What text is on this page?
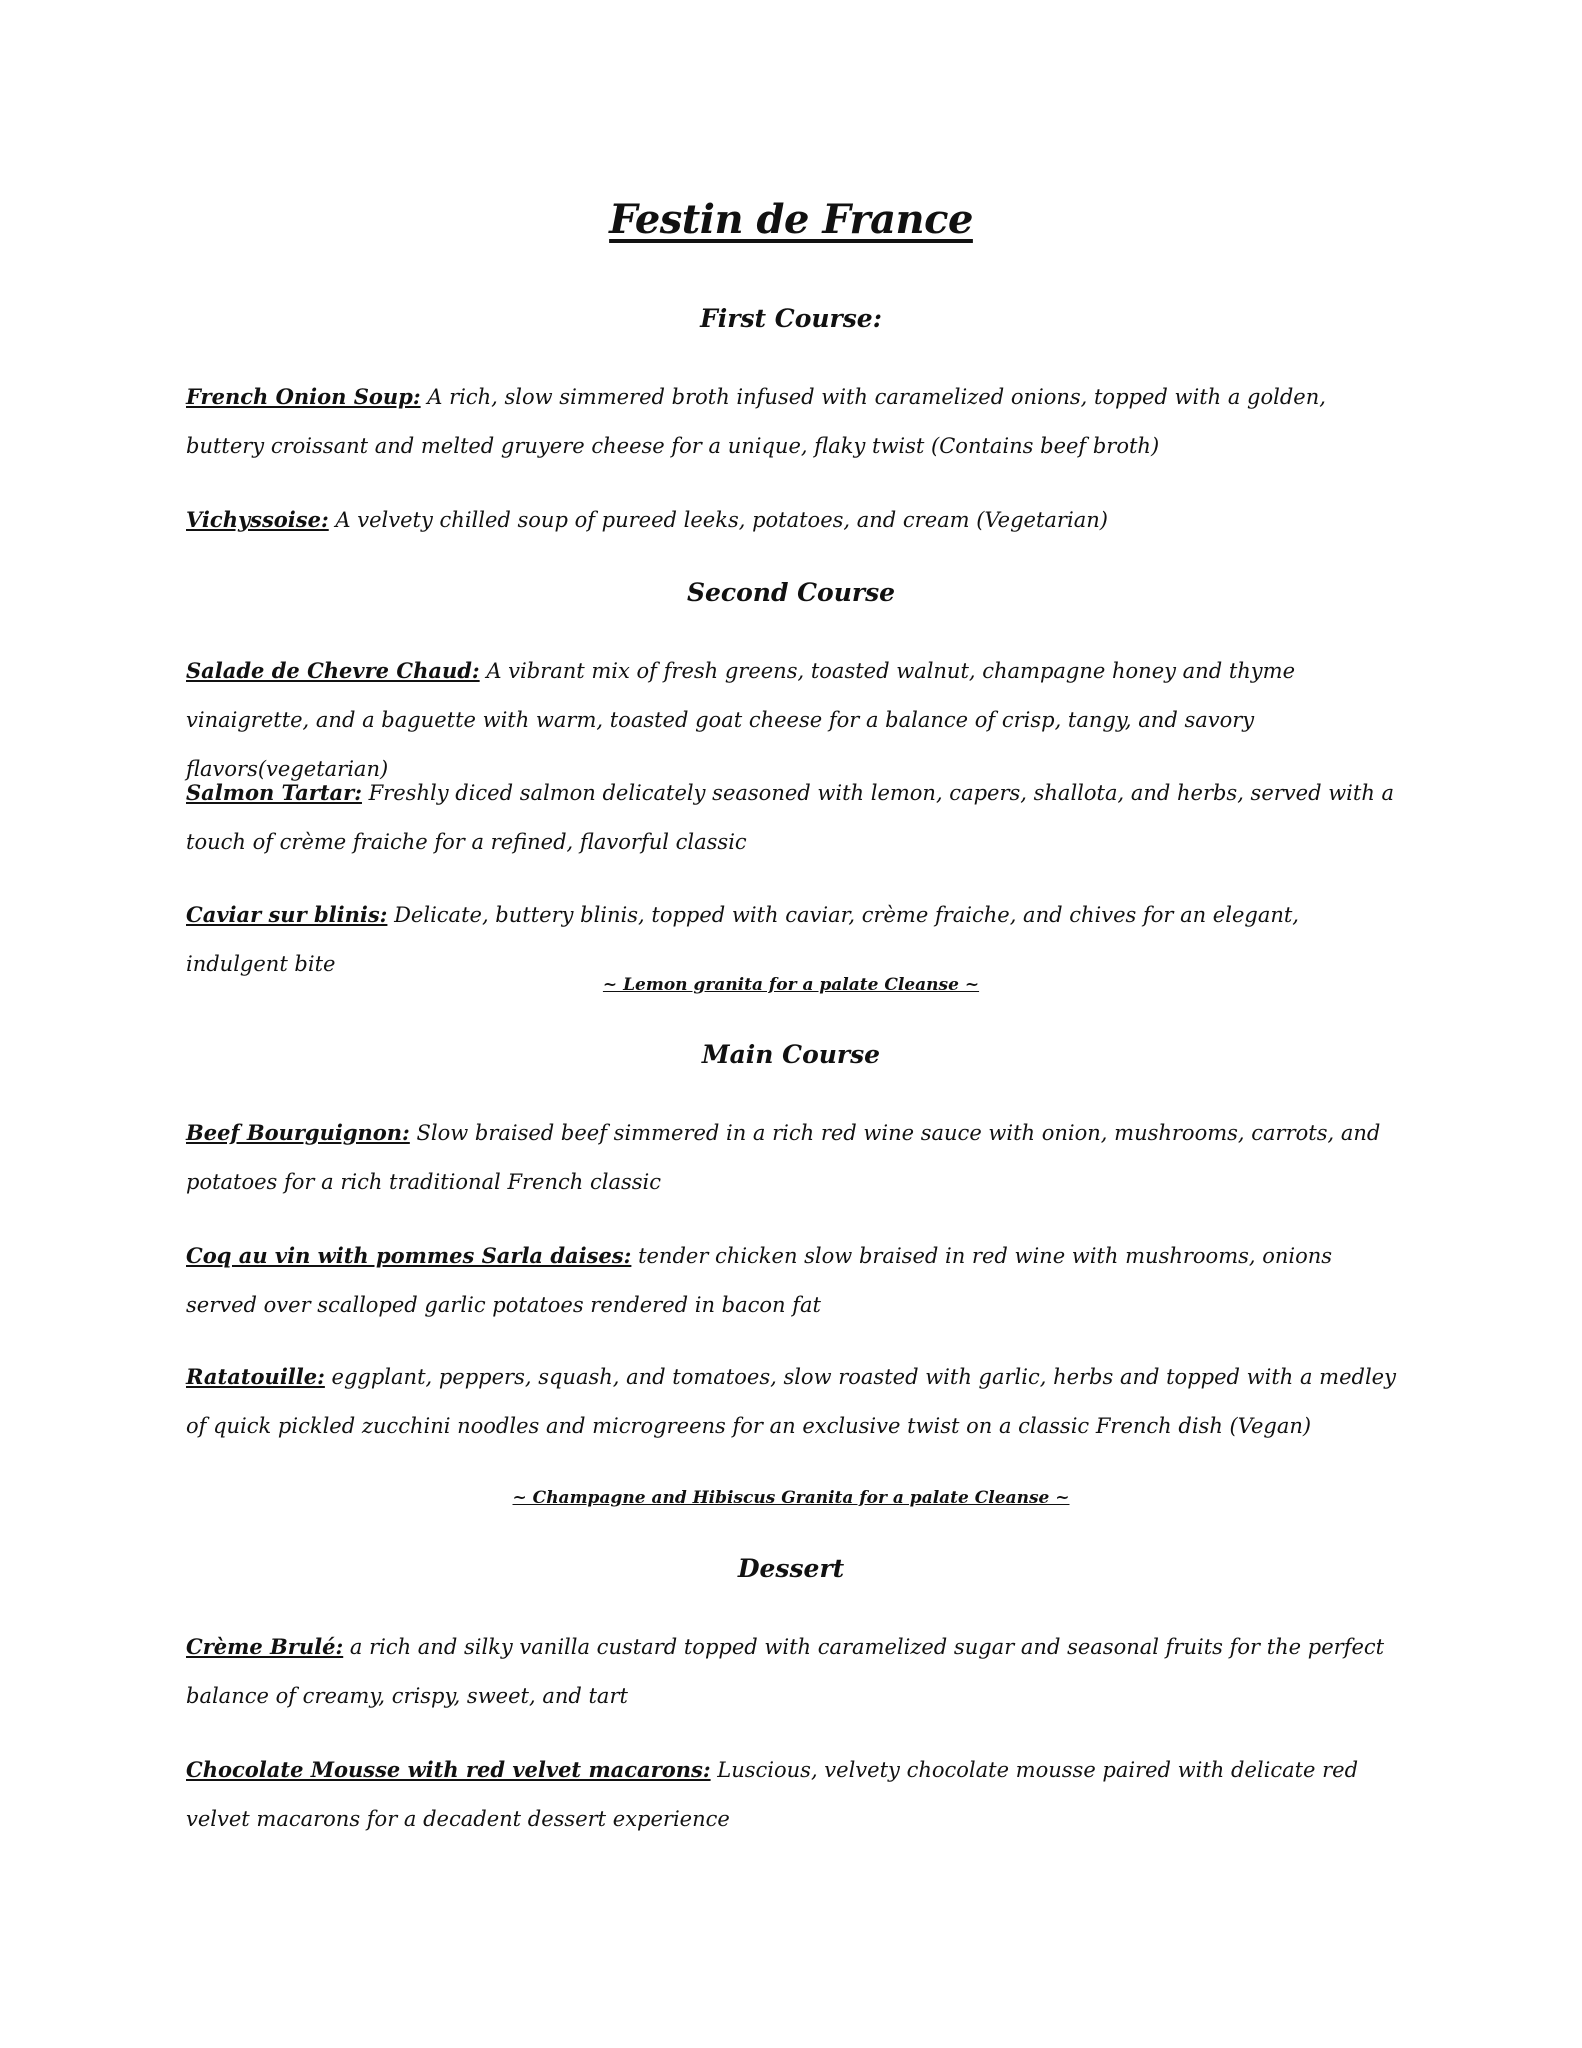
Festin de France
First Course:
French Onion Soup: A rich, slow simmered broth infused with caramelized onions, topped with a golden, buttery croissant and melted gruyere cheese for a unique, flaky twist (Contains beef broth)
Vichyssoise: A velvety chilled soup of pureed leeks, potatoes, and cream (Vegetarian)
Second Course
Salade de Chevre Chaud: A vibrant mix of fresh greens, toasted walnut, champagne honey and thyme vinaigrette, and a baguette with warm, toasted goat cheese for a balance of crisp, tangy, and savory flavors(vegetarian)
Salmon Tartar: Freshly diced salmon delicately seasoned with lemon, capers, shallota, and herbs, served with a touch of crème fraiche for a refined, flavorful classic
Caviar sur blinis: Delicate, buttery blinis, topped with caviar, crème fraiche, and chives for an elegant, indulgent bite
~ Lemon granita for a palate Cleanse ~
Main Course
Beef Bourguignon: Slow braised beef simmered in a rich red wine sauce with onion, mushrooms, carrots, and potatoes for a rich traditional French classic
Coq au vin with pommes Sarla daises: tender chicken slow braised in red wine with mushrooms, onions served over scalloped garlic potatoes rendered in bacon fat
Ratatouille: eggplant, peppers, squash, and tomatoes, slow roasted with garlic, herbs and topped with a medley of quick pickled zucchini noodles and microgreens for an exclusive twist on a classic French dish (Vegan)
~ Champagne and Hibiscus Granita for a palate Cleanse ~
Dessert
Crème Brulé: a rich and silky vanilla custard topped with caramelized sugar and seasonal fruits for the perfect balance of creamy, crispy, sweet, and tart
Chocolate Mousse with red velvet macarons: Luscious, velvety chocolate mousse paired with delicate red velvet macarons for a decadent dessert experience
